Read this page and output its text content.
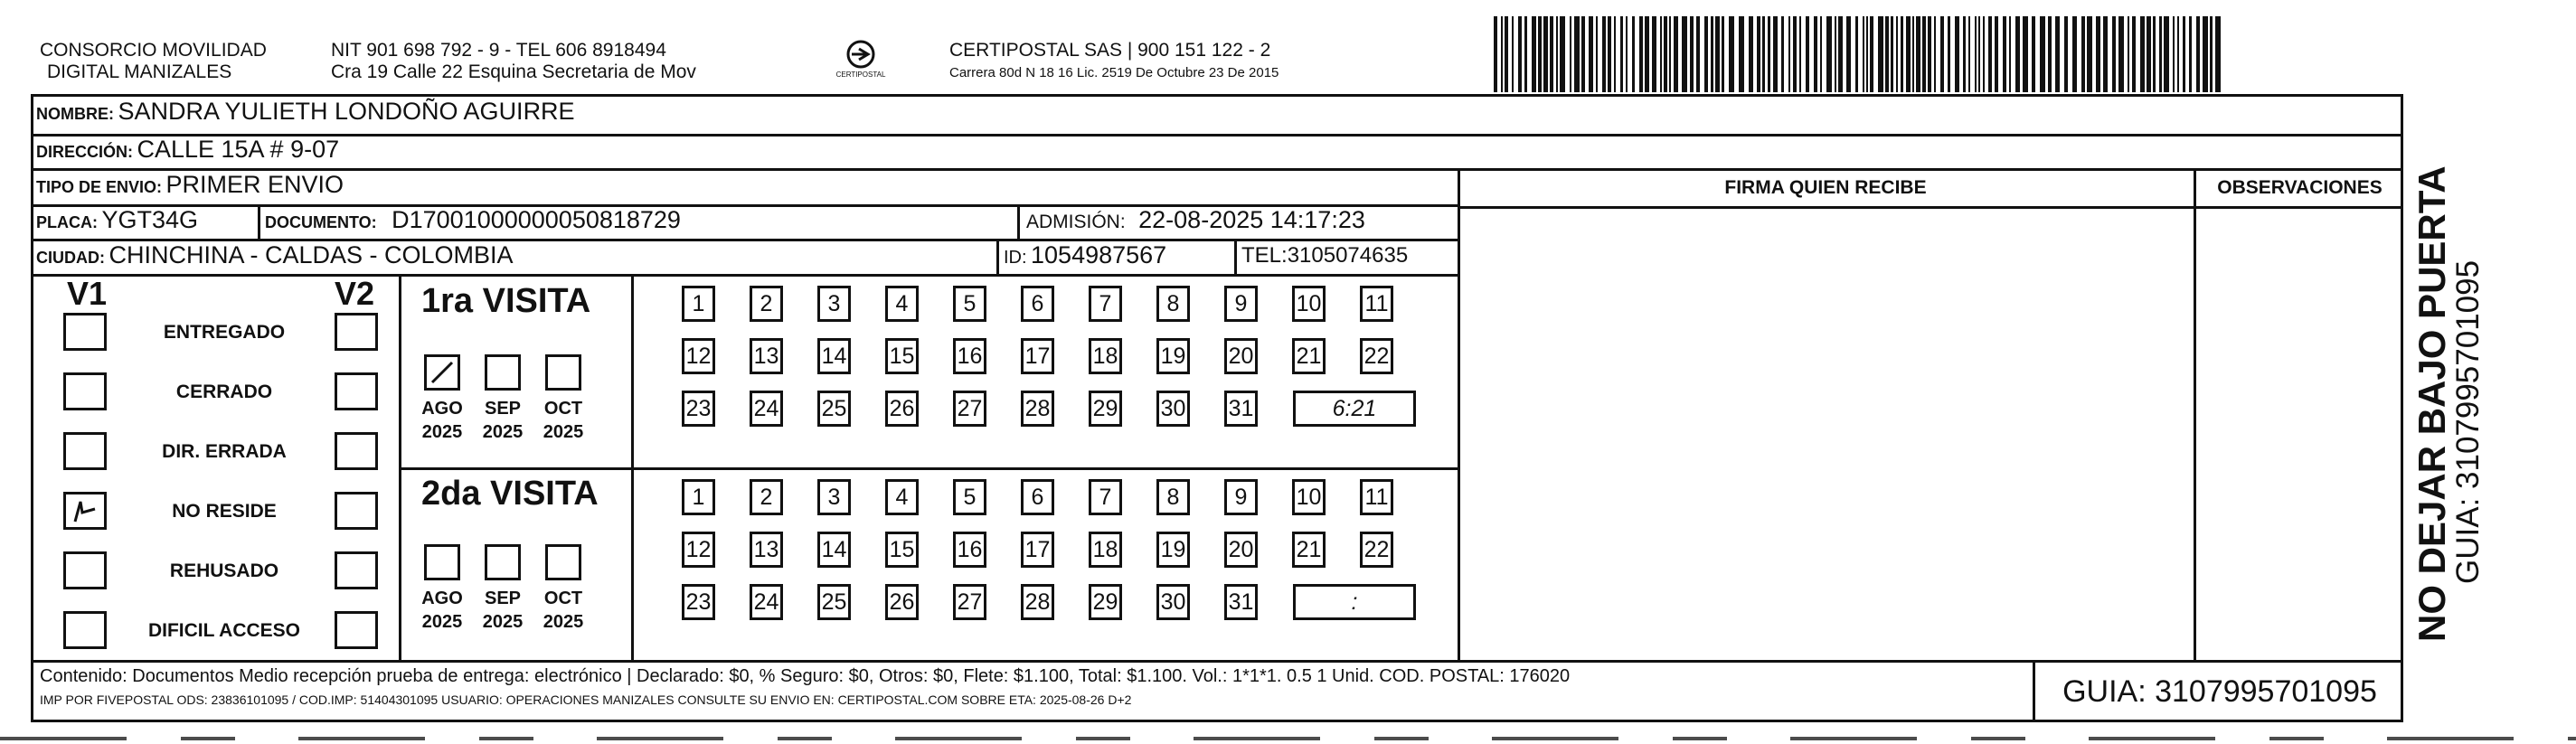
CONSORCIO MOVILIDAD
DIGITAL MANIZALES
NIT 901 698 792 - 9 - TEL 606 8918494
Cra 19 Calle 22 Esquina Secretaria de Mov	CERTIPOSTAL
CERTIPOSTAL SAS | 900 151 122 - 2
Carrera 80d N 18 16 Lic. 2519 De Octubre 23 De 2015
NOMBRE: SANDRA YULIETH LONDOÑO AGUIRRE
DIRECCIÓN: CALLE 15A # 9-07
TIPO DE ENVIO: PRIMER ENVIO	FIRMA QUIEN RECIBE	OBSERVACIONES
PLACA: YGT34G	DOCUMENTO: D17001000000050818729	ADMISIÓN: 22-08-2025 14:17:23
CIUDAD: CHINCHINA - CALDAS - COLOMBIA	ID: 1054987567	TEL:3105074635
V1	V2
ENTREGADO
CERRADO
DIR. ERRADA
NO RESIDE
REHUSADO
DIFICIL ACCESO
1ra VISITA
2da VISITA
AGO
2025
SEP
2025
OCT
2025
AGO
2025
SEP
2025
OCT
2025
1	2	3	4	5	6	7	8	9	10 11
12 13 14 15 16 17 18 19 20 21 22
23 24 25 26 27 28 29 30 31	6:21
1	2	3	4	5	6	7	8	9	10 11
12 13 14 15 16 17 18 19 20 21 22
23 24 25 26 27 28 29 30 31	:
Contenido: Documentos Medio recepción prueba de entrega: electrónico | Declarado: $0, % Seguro: $0, Otros: $0, Flete: $1.100, Total: $1.100. Vol.: 1*1*1. 0.5 1 Unid. COD. POSTAL: 176020
IMP POR FIVEPOSTAL ODS: 23836101095 / COD.IMP: 51404301095 USUARIO: OPERACIONES MANIZALES CONSULTE SU ENVIO EN: CERTIPOSTAL.COM SOBRE ETA: 2025-08-26 D+2	GUIA: 3107995701095
NO DEJAR BAJO PUERTA
GUIA: 3107995701095
